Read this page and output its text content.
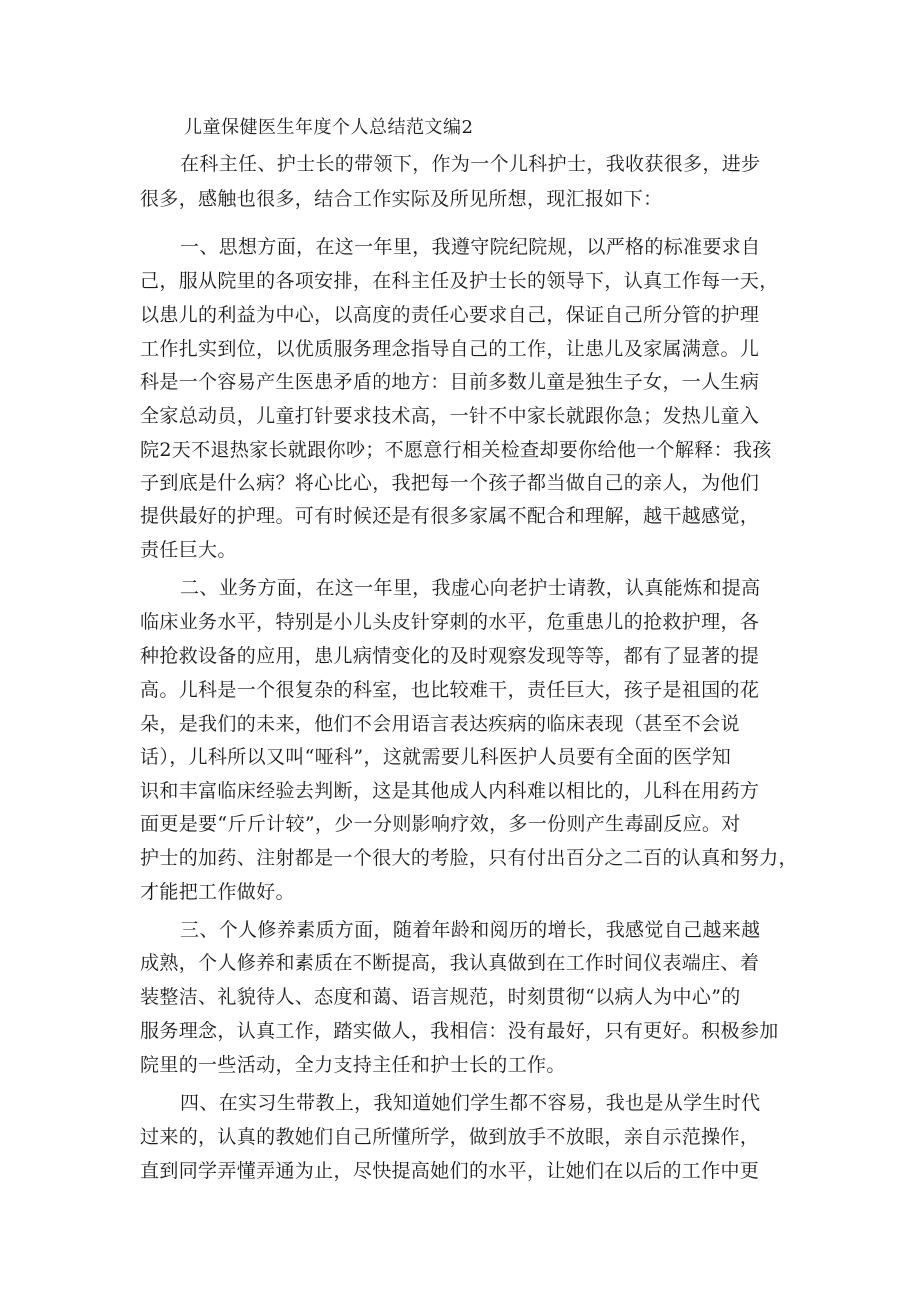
儿童保健医生年度个人总结范文编2
在科主任、护士长的带领下，作为一个儿科护士，我收获很多，进步
很多，感触也很多，结合工作实际及所见所想，现汇报如下：
一、思想方面，在这一年里，我遵守院纪院规，以严格的标准要求自
己，服从院里的各项安排，在科主任及护士长的领导下，认真工作每一天，
以患儿的利益为中心，以高度的责任心要求自己，保证自己所分管的护理
工作扎实到位，以优质服务理念指导自己的工作，让患儿及家属满意。儿
科是一个容易产生医患矛盾的地方：目前多数儿童是独生子女，一人生病
全家总动员，儿童打针要求技术高，一针不中家长就跟你急；发热儿童入
院2天不退热家长就跟你吵；不愿意行相关检查却要你给他一个解释：我孩
子到底是什么病？将心比心，我把每一个孩子都当做自己的亲人，为他们
提供最好的护理。可有时候还是有很多家属不配合和理解，越干越感觉，
责任巨大。
二、业务方面，在这一年里，我虚心向老护士请教，认真能炼和提高
临床业务水平，特别是小儿头皮针穿刺的水平，危重患儿的抢救护理，各
种抢救设备的应用，患儿病情变化的及时观察发现等等，都有了显著的提
高。儿科是一个很复杂的科室，也比较难干，责任巨大，孩子是祖国的花
朵，是我们的未来，他们不会用语言表达疾病的临床表现（甚至不会说
话），儿科所以又叫“哑科”，这就需要儿科医护人员要有全面的医学知
识和丰富临床经验去判断，这是其他成人内科难以相比的，儿科在用药方
面更是要“斤斤计较”，少一分则影响疗效，多一份则产生毒副反应。对
护士的加药、注射都是一个很大的考脸，只有付出百分之二百的认真和努力，
才能把工作做好。
三、个人修养素质方面，随着年龄和阅历的增长，我感觉自己越来越
成熟，个人修养和素质在不断提高，我认真做到在工作时间仪表端庄、着
装整洁、礼貌待人、态度和蔼、语言规范，时刻贯彻“以病人为中心”的
服务理念，认真工作，踏实做人，我相信：没有最好，只有更好。积极参加
院里的一些活动，全力支持主任和护士长的工作。
四、在实习生带教上，我知道她们学生都不容易，我也是从学生时代
过来的，认真的教她们自己所懂所学，做到放手不放眼，亲自示范操作，
直到同学弄懂弄通为止，尽快提高她们的水平，让她们在以后的工作中更
